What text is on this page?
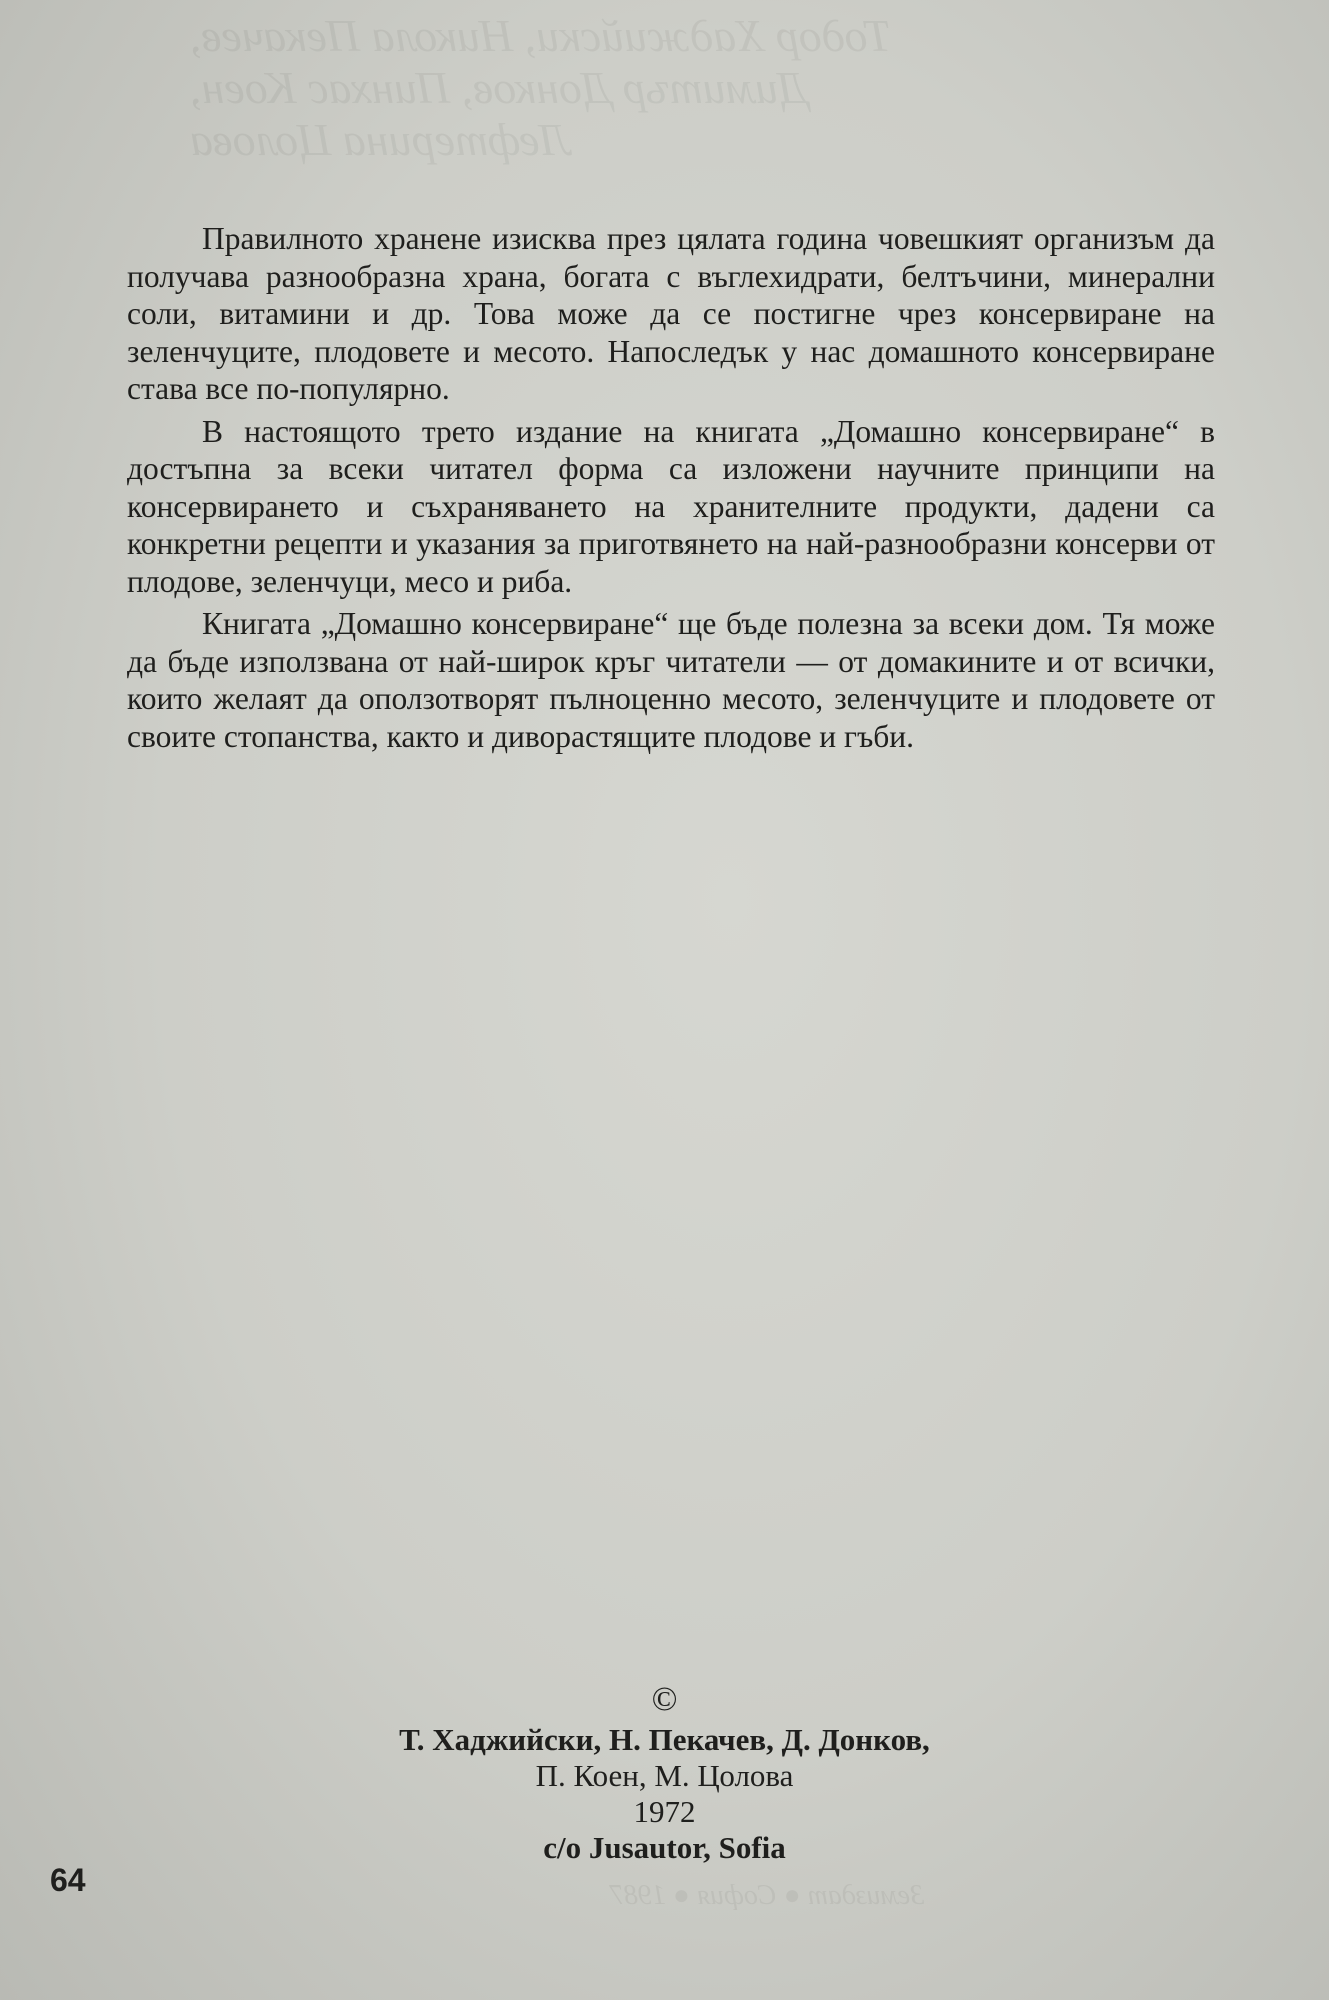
Тодор Хаджийски, Никола Пекачев,
Димитър Донков, Пинхас Коен,
Лефтерина Цолова
Земиздат ● София ● 1987

Правилното хранене изисква през цялата година човешкият организъм да получава разнообразна храна, богата с въглехидрати, белтъчини, минерални соли, витамини и др. Това може да се постигне чрез консервиране на зеленчуците, плодовете и месото. Напоследък у нас домашното консервиране става все по-популярно.

В настоящото трето издание на книгата „Домашно консервиране“ в достъпна за всеки читател форма са изложени научните принципи на консервирането и съхраняването на хранителните продукти, дадени са конкретни рецепти и указания за приготвянето на най-разнообразни консерви от плодове, зеленчуци, месо и риба.

Книгата „Домашно консервиране“ ще бъде полезна за всеки дом. Тя може да бъде използвана от най-широк кръг читатели — от домакините и от всички, които желаят да оползотворят пълноценно месото, зеленчуците и плодовете от своите стопанства, както и диворастящите плодове и гъби.

©
Т. Хаджийски, Н. Пекачев, Д. Донков,
П. Коен, М. Цолова
1972
c/o Jusautor, Sofia
64
